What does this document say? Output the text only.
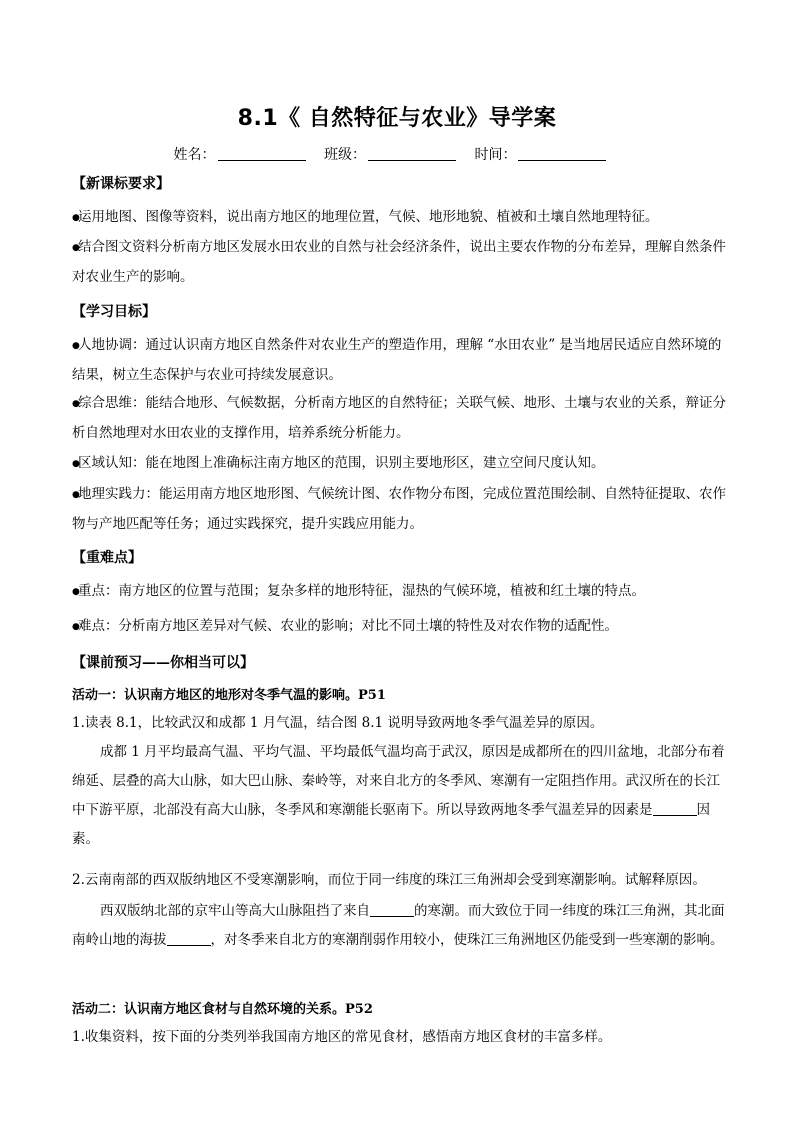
8.1《 自然特征与农业》导学案
姓名：	班级：	时间：
【新课标要求】
●运用地图、图像等资料，说出南方地区的地理位置，气候、地形地貌、植被和土壤自然地理特征。
●结合图文资料分析南方地区发展水田农业的自然与社会经济条件，说出主要农作物的分布差异，理解自然条件对农业生产的影响。
【学习目标】
●人地协调：通过认识南方地区自然条件对农业生产的塑造作用，理解 “水田农业” 是当地居民适应自然环境的结果，树立生态保护与农业可持续发展意识。
●综合思维：能结合地形、气候数据，分析南方地区的自然特征；关联气候、地形、土壤与农业的关系，辩证分析自然地理对水田农业的支撑作用，培养系统分析能力。
●区域认知：能在地图上准确标注南方地区的范围，识别主要地形区，建立空间尺度认知。
●地理实践力：能运用南方地区地形图、气候统计图、农作物分布图，完成位置范围绘制、自然特征提取、农作物与产地匹配等任务；通过实践探究，提升实践应用能力。
【重难点】
●重点：南方地区的位置与范围；复杂多样的地形特征，湿热的气候环境，植被和红土壤的特点。
●难点：分析南方地区差异对气候、农业的影响；对比不同土壤的特性及对农作物的适配性。
【课前预习——你相当可以】
活动一：认识南方地区的地形对冬季气温的影响。P51
1.读表 8.1，比较武汉和成都 1 月气温，结合图 8.1 说明导致两地冬季气温差异的原因。
成都 1 月平均最高气温、平均气温、平均最低气温均高于武汉，原因是成都所在的四川盆地，北部分布着绵延、层叠的高大山脉，如大巴山脉、秦岭等，对来自北方的冬季风、寒潮有一定阻挡作用。武汉所在的长江中下游平原，北部没有高大山脉，冬季风和寒潮能长驱南下。所以导致两地冬季气温差异的因素是	因素。
2.云南南部的西双版纳地区不受寒潮影响，而位于同一纬度的珠江三角洲却会受到寒潮影响。试解释原因。
西双版纳北部的京牢山等高大山脉阻挡了来自	的寒潮。而大致位于同一纬度的珠江三角洲，其北面南岭山地的海拔	，对冬季来自北方的寒潮削弱作用较小，使珠江三角洲地区仍能受到一些寒潮的影响。
活动二：认识南方地区食材与自然环境的关系。P52
1.收集资料，按下面的分类列举我国南方地区的常见食材，感悟南方地区食材的丰富多样。
